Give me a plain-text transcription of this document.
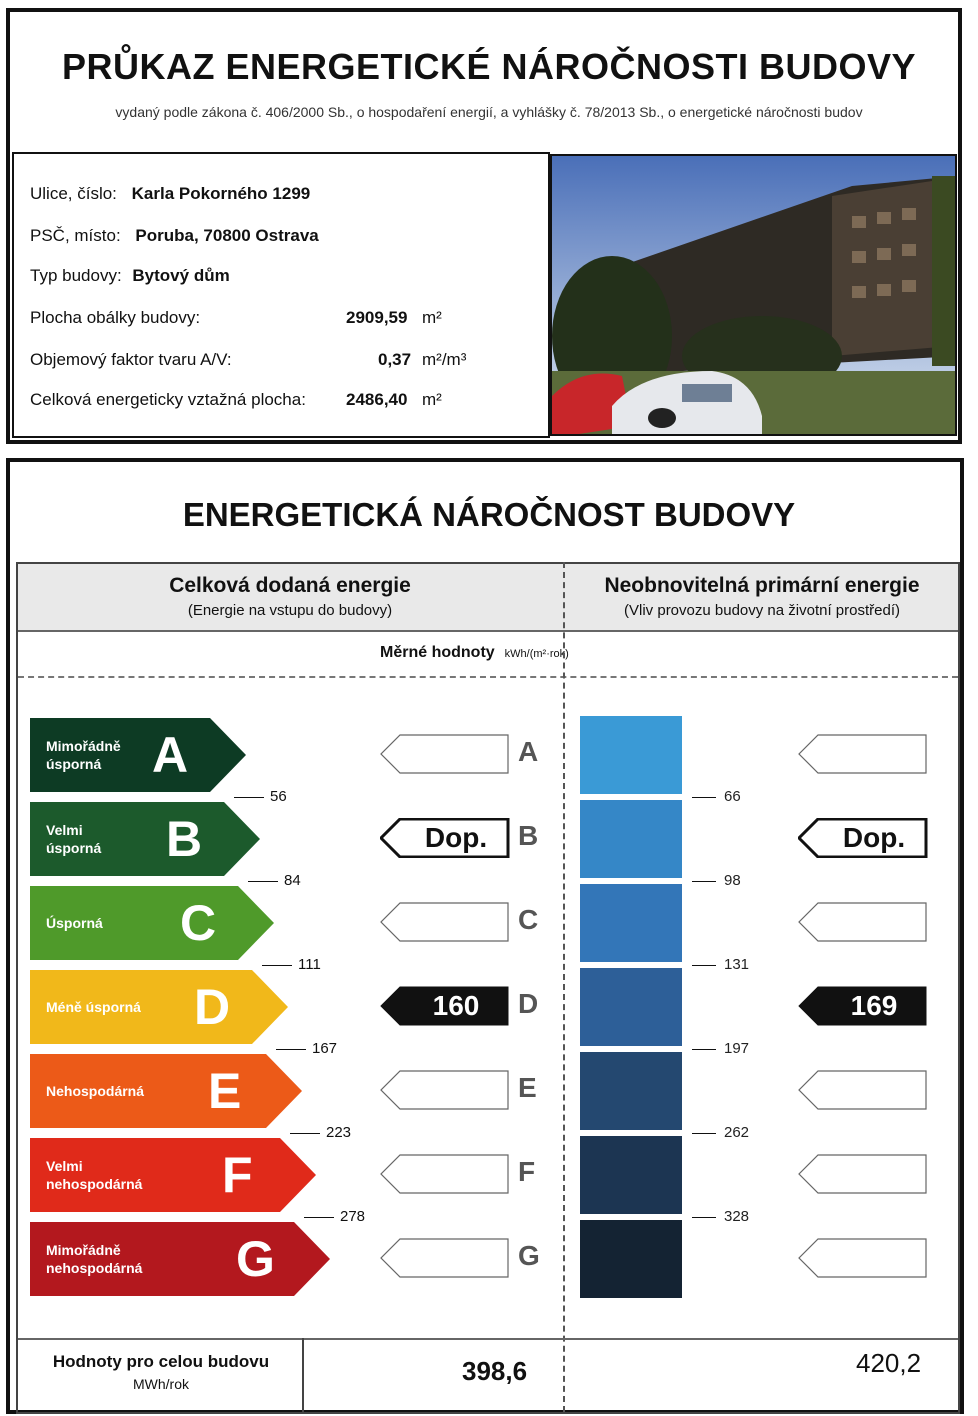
PRŮKAZ ENERGETICKÉ NÁROČNOSTI BUDOVY
vydaný podle zákona č. 406/2000 Sb., o hospodaření energií, a vyhlášky č. 78/2013 Sb., o energetické náročnosti budov
Ulice, číslo: Karla Pokorného 1299
PSČ, místo: Poruba, 70800 Ostrava
Typ budovy: Bytový dům
Plocha obálky budovy:	2909,59 m²
Objemový faktor tvaru A/V:	0,37 m²/m³
Celková energeticky vztažná plocha: 2486,40 m²
ENERGETICKÁ NÁROČNOST BUDOVY
Celková dodaná energie
(Energie na vstupu do budovy)
Neobnovitelná primární energie
(Vliv provozu budovy na životní prostředí)
Měrné hodnoty kWh/(m²·rok)
Mimořádně
úsporná	A
56
A
66
Velmi
úsporná B
84
Dop.	Dop.
B
98
Úsporná C
111
C
131
Méně úsporná D
167
160	169
D
197
Nehospodárná E
223
E
262
Velmi
nehospodárná F
278
F
328
Mimořádně
nehospodárná G	G
Hodnoty pro celou budovu
MWh/rok	398,6	420,2
